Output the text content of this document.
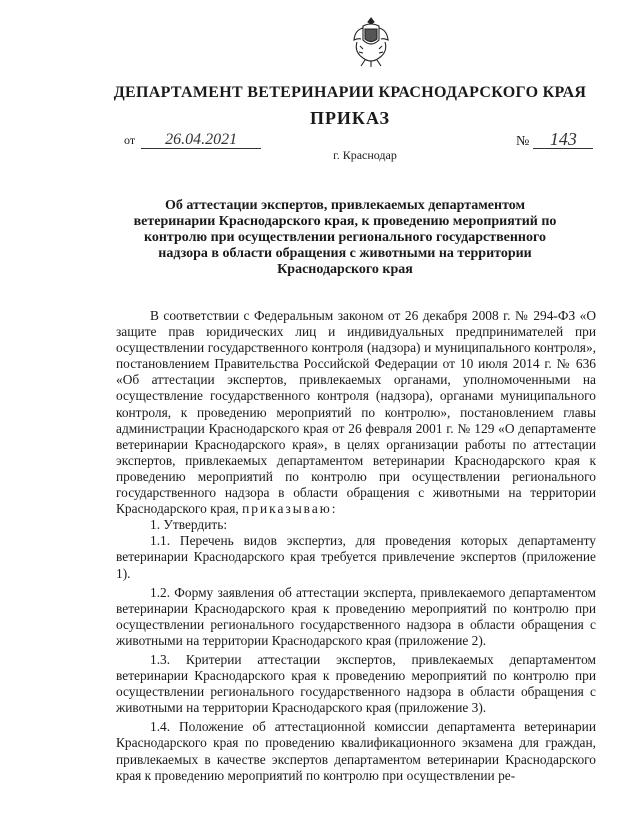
ДЕПАРТАМЕНТ ВЕТЕРИНАРИИ КРАСНОДАРСКОГО КРАЯ
ПРИКАЗ
от	26.04.2021	№	143
г. Краснодар
Об аттестации экспертов, привлекаемых департаментом ветеринарии Краснодарского края, к проведению мероприятий по контролю при осуществлении регионального государственного надзора в области обращения с животными на территории Краснодарского края

В соответствии с Федеральным законом от 26 декабря 2008 г. № 294-ФЗ «О защите прав юридических лиц и индивидуальных предпринимателей при осуществлении государственного контроля (надзора) и муниципального контроля», постановлением Правительства Российской Федерации от 10 июля 2014 г. № 636 «Об аттестации экспертов, привлекаемых органами, уполномоченными на осуществление государственного контроля (надзора), органами муниципального контроля, к проведению мероприятий по контролю», постановлением главы администрации Краснодарского края от 26 февраля 2001 г. № 129 «О департаменте ветеринарии Краснодарского края», в целях организации работы по аттестации экспертов, привлекаемых департаментом ветеринарии Краснодарского края к проведению мероприятий по контролю при осуществлении регионального государственного надзора в области обращения с животными на территории Краснодарского края, приказываю:

1. Утвердить:

1.1. Перечень видов экспертиз, для проведения которых департаменту ветеринарии Краснодарского края требуется привлечение экспертов (приложение 1).

1.2. Форму заявления об аттестации эксперта, привлекаемого департаментом ветеринарии Краснодарского края к проведению мероприятий по контролю при осуществлении регионального государственного надзора в области обращения с животными на территории Краснодарского края (приложение 2).

1.3. Критерии аттестации экспертов, привлекаемых департаментом ветеринарии Краснодарского края к проведению мероприятий по контролю при осуществлении регионального государственного надзора в области обращения с животными на территории Краснодарского края (приложение 3).

1.4. Положение об аттестационной комиссии департамента ветеринарии Краснодарского края по проведению квалификационного экзамена для граждан, привлекаемых в качестве экспертов департаментом ветеринарии Краснодарского края к проведению мероприятий по контролю при осуществлении ре-
